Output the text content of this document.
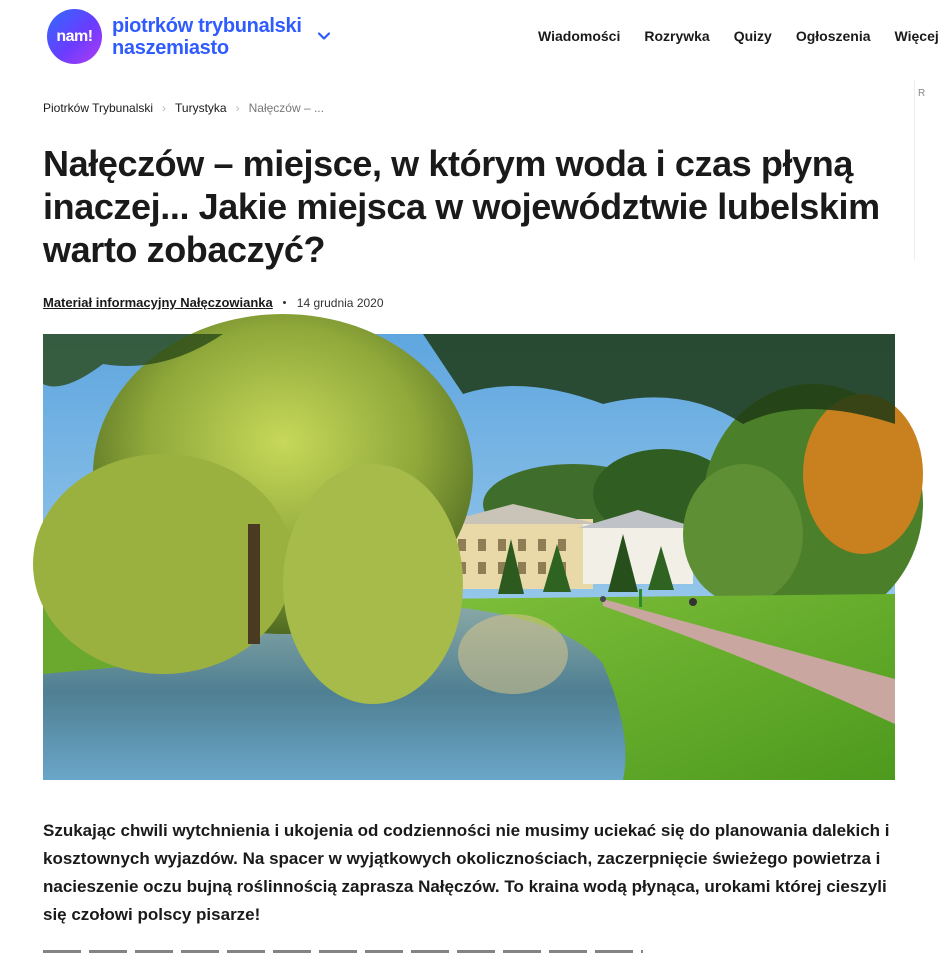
nam! piotrków trybunalski
naszemiasto
Wiadomości Rozrywka Quizy Ogłoszenia Więcej
R
Piotrków Trybunalski › Turystyka › Nałęczów – ...
Nałęczów – miejsce, w którym woda i czas płyną inaczej... Jakie miejsca w województwie lubelskim warto zobaczyć?
Materiał informacyjny Nałęczowianka 14 grudnia 2020

Szukając chwili wytchnienia i ukojenia od codzienności nie musimy uciekać się do planowania dalekich i kosztownych wyjazdów. Na spacer w wyjątkowych okolicznościach, zaczerpnięcie świeżego powietrza i nacieszenie oczu bujną roślinnością zaprasza Nałęczów. To kraina wodą płynąca, urokami której cieszyli się czołowi polscy pisarze!
